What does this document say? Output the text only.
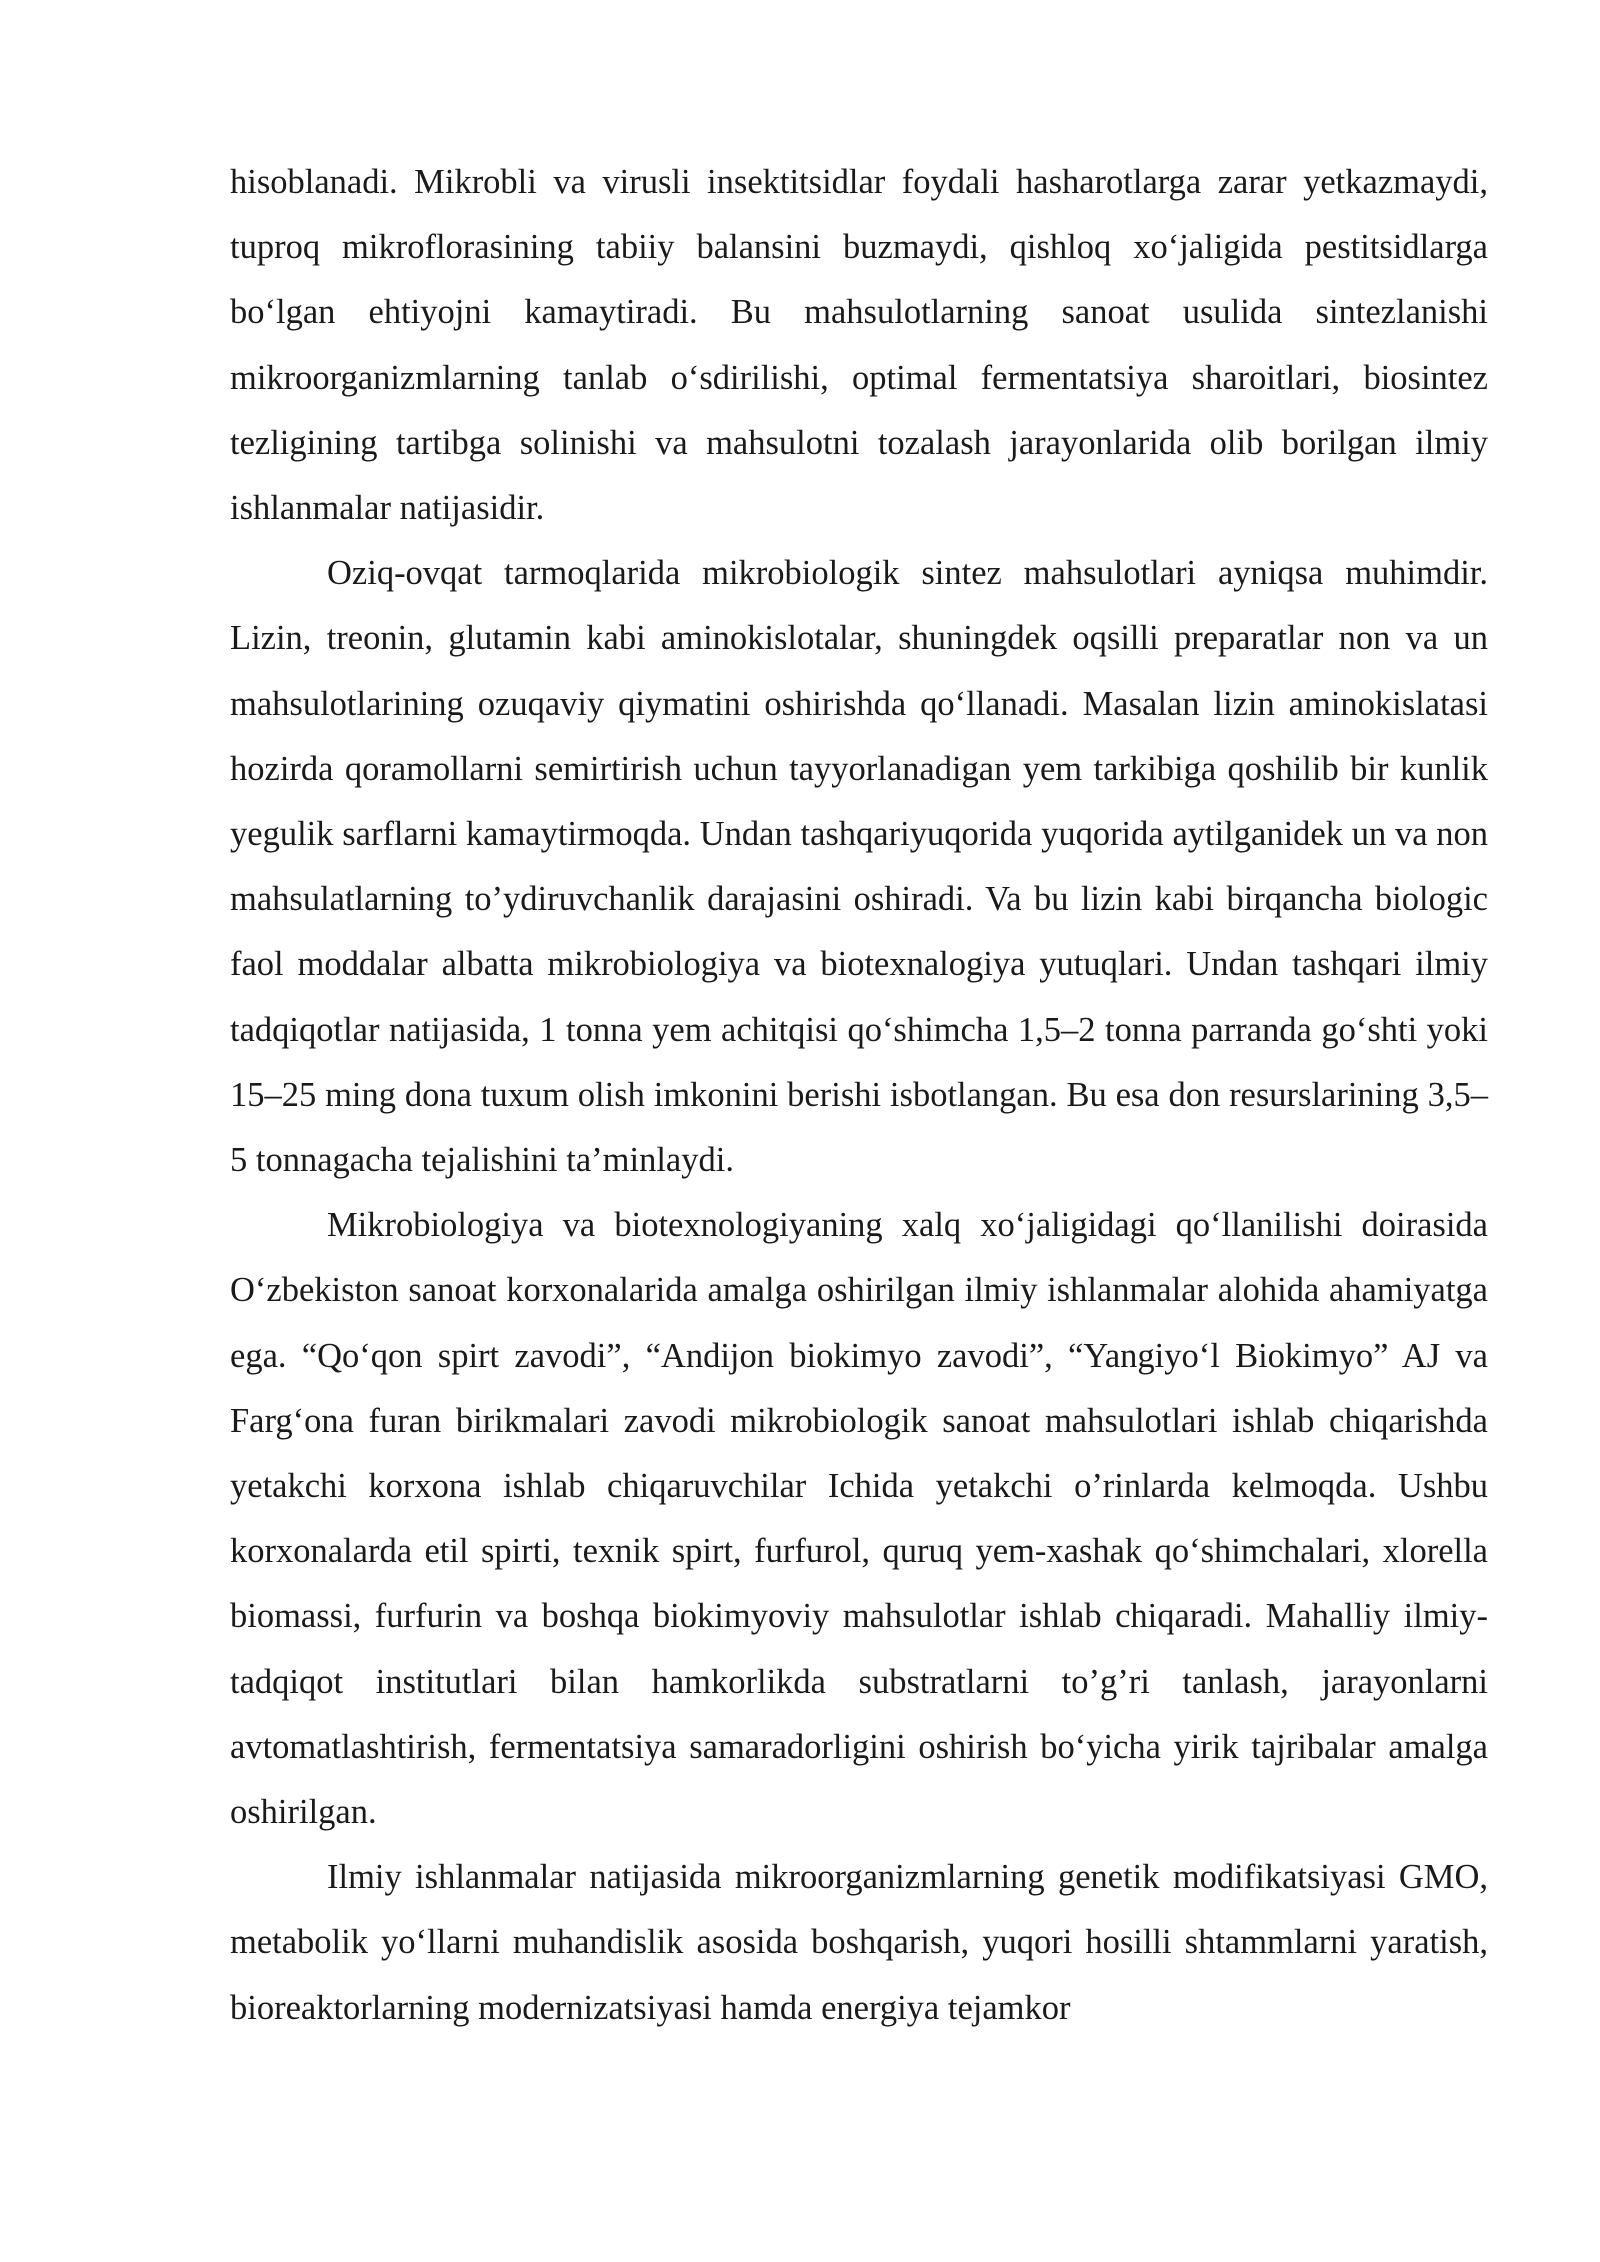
hisoblanadi. Mikrobli va virusli insektitsidlar foydali hasharotlarga zarar yetkazmaydi, tuproq mikroflorasining tabiiy balansini buzmaydi, qishloq xo‘jaligida pestitsidlarga bo‘lgan ehtiyojni kamaytiradi. Bu mahsulotlarning sanoat usulida sintezlanishi mikroorganizmlarning tanlab o‘sdirilishi, optimal fermentatsiya sharoitlari, biosintez tezligining tartibga solinishi va mahsulotni tozalash jarayonlarida olib borilgan ilmiy ishlanmalar natijasidir.

Oziq-ovqat tarmoqlarida mikrobiologik sintez mahsulotlari ayniqsa muhimdir. Lizin, treonin, glutamin kabi aminokislotalar, shuningdek oqsilli preparatlar non va un mahsulotlarining ozuqaviy qiymatini oshirishda qo‘llanadi. Masalan lizin aminokislatasi hozirda qoramollarni semirtirish uchun tayyorlanadigan yem tarkibiga qoshilib bir kunlik yegulik sarflarni kamaytirmoqda. Undan tashqariyuqorida yuqorida aytilganidek un va non mahsulatlarning to’ydiruvchanlik darajasini oshiradi. Va bu lizin kabi birqancha biologic faol moddalar albatta mikrobiologiya va biotexnalogiya yutuqlari. Undan tashqari ilmiy tadqiqotlar natijasida, 1 tonna yem achitqisi qo‘shimcha 1,5–2 tonna parranda go‘shti yoki 15–25 ming dona tuxum olish imkonini berishi isbotlangan. Bu esa don resurslarining 3,5–5 tonnagacha tejalishini ta’minlaydi.

Mikrobiologiya va biotexnologiyaning xalq xo‘jaligidagi qo‘llanilishi doirasida O‘zbekiston sanoat korxonalarida amalga oshirilgan ilmiy ishlanmalar alohida ahamiyatga ega. “Qo‘qon spirt zavodi”, “Andijon biokimyo zavodi”, “Yangiyo‘l Biokimyo” AJ va Farg‘ona furan birikmalari zavodi mikrobiologik sanoat mahsulotlari ishlab chiqarishda yetakchi korxona ishlab chiqaruvchilar Ichida yetakchi o’rinlarda kelmoqda. Ushbu korxonalarda etil spirti, texnik spirt, furfurol, quruq yem-xashak qo‘shimchalari, xlorella biomassi, furfurin va boshqa biokimyoviy mahsulotlar ishlab chiqaradi. Mahalliy ilmiy-tadqiqot institutlari bilan hamkorlikda substratlarni to’g’ri tanlash, jarayonlarni avtomatlashtirish, fermentatsiya samaradorligini oshirish bo‘yicha yirik tajribalar amalga oshirilgan.

Ilmiy ishlanmalar natijasida mikroorganizmlarning genetik modifikatsiyasi GMO, metabolik yo‘llarni muhandislik asosida boshqarish, yuqori hosilli shtammlarni yaratish, bioreaktorlarning modernizatsiyasi hamda energiya tejamkor
